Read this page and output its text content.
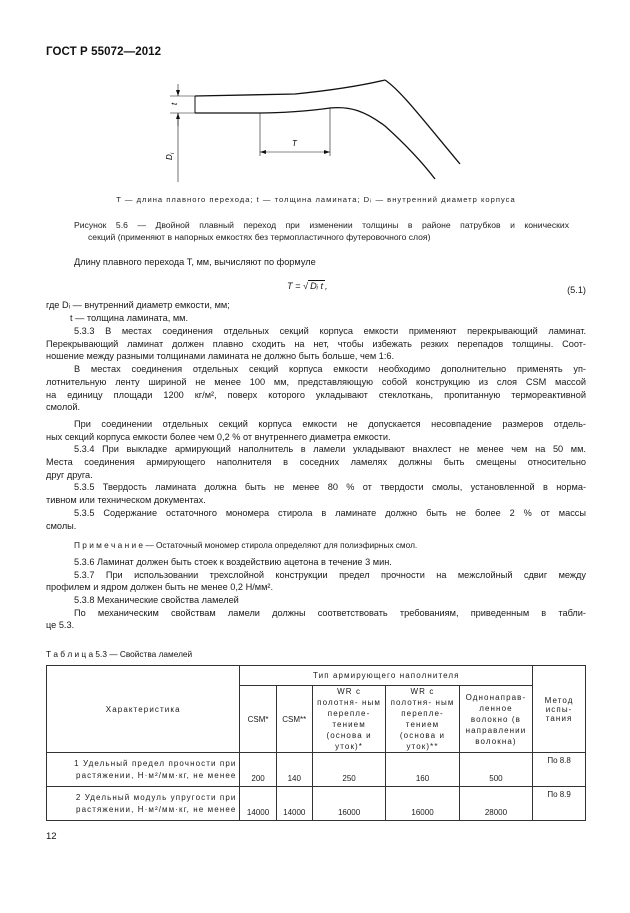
ГОСТ Р 55072—2012
t
T
D
i
T — длина плавного перехода; t — толщина ламината; Dᵢ — внутренний диаметр корпуса
Рисунок 5.6 — Двойной плавный переход при изменении толщины в районе патрубков и конических
секций (применяют в напорных емкостях без термопластичного футеровочного слоя)
Длину плавного перехода T, мм, вычисляют по формуле
T = √ Dᵢ t ,	(5.1)
где Dᵢ — внутренний диаметр емкости, мм;
t — толщина ламината, мм.
5.3.3 В местах соединения отдельных секций корпуса емкости применяют перекрывающий ламинат.
Перекрывающий ламинат должен плавно сходить на нет, чтобы избежать резких перепадов толщины. Соот-
ношение между разными толщинами ламината не должно быть больше, чем 1:6.
В местах соединения отдельных секций корпуса емкости необходимо дополнительно применять уп-
лотнительную ленту шириной не менее 100 мм, представляющую собой конструкцию из слоя CSM массой
на единицу площади 1200 кг/м², поверх которого укладывают стеклоткань, пропитанную термореактивной
смолой.
При соединении отдельных секций корпуса емкости не допускается несовпадение размеров отдель-
ных секций корпуса емкости более чем 0,2 % от внутреннего диаметра емкости.
5.3.4 При выкладке армирующий наполнитель в ламели укладывают внахлест не менее чем на 50 мм.
Места соединения армирующего наполнителя в соседних ламелях должны быть смещены относительно
друг друга.
5.3.5 Твердость ламината должна быть не менее 80 % от твердости смолы, установленной в норма-
тивном или техническом документах.
5.3.5 Содержание остаточного мономера стирола в ламинате должно быть не более 2 % от массы
смолы.
П р и м е ч а н и е — Остаточный мономер стирола определяют для полиэфирных смол.
5.3.6 Ламинат должен быть стоек к воздействию ацетона в течение 3 мин.
5.3.7 При использовании трехслойной конструкции предел прочности на межслойный сдвиг между
профилем и ядром должен быть не менее 0,2 Н/мм².
5.3.8 Механические свойства ламелей
По механическим свойствам ламели должны соответствовать требованиям, приведенным в табли-
це 5.3.
Т а б л и ц а 5.3 — Свойства ламелей
Характеристика	Тип армирующего наполнителя					Метод испы- тания
	CSM*	CSM**	WR с полотня- ным перепле- тением (основа и уток)*	WR с полотня- ным перепле- тением (основа и уток)**	Однонаправ- ленное волокно (в направлении волокна)	
1 Удельный предел прочности при растяжении, Н·м²/мм·кг, не менее	200	140	250	160	500	По 8.8
2 Удельный модуль упругости при растяжении, Н·м²/мм·кг, не менее	14000	14000	16000	16000	28000	По 8.9
12
